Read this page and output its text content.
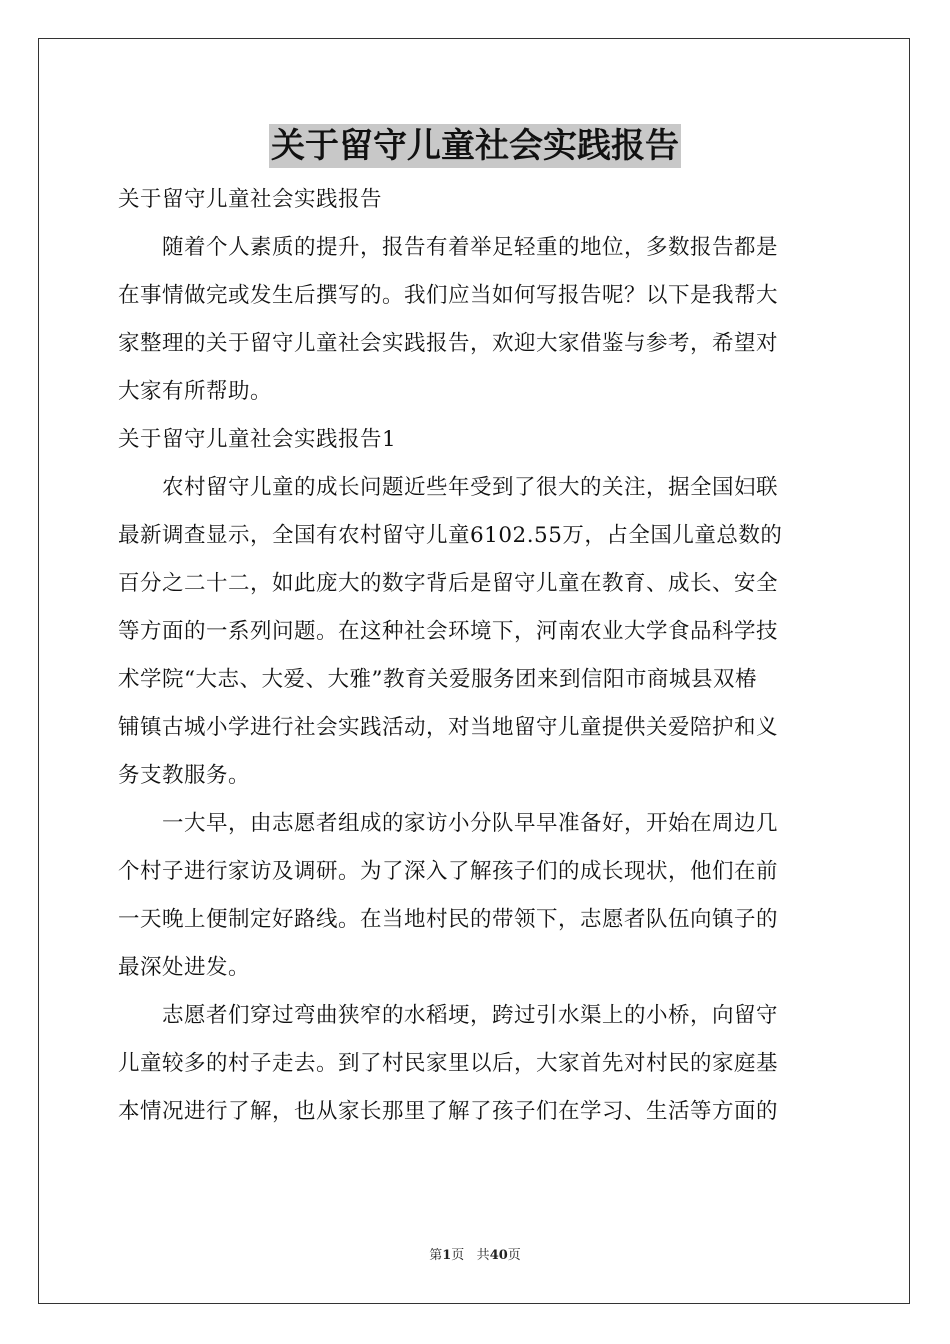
关于留守儿童社会实践报告
关于留守儿童社会实践报告
随着个人素质的提升，报告有着举足轻重的地位，多数报告都是
在事情做完或发生后撰写的。我们应当如何写报告呢？以下是我帮大
家整理的关于留守儿童社会实践报告，欢迎大家借鉴与参考，希望对
大家有所帮助。
关于留守儿童社会实践报告1
农村留守儿童的成长问题近些年受到了很大的关注，据全国妇联
最新调查显示，全国有农村留守儿童6102.55万，占全国儿童总数的
百分之二十二，如此庞大的数字背后是留守儿童在教育、成长、安全
等方面的一系列问题。在这种社会环境下，河南农业大学食品科学技
术学院“大志、大爱、大雅”教育关爱服务团来到信阳市商城县双椿
铺镇古城小学进行社会实践活动，对当地留守儿童提供关爱陪护和义
务支教服务。
一大早，由志愿者组成的家访小分队早早准备好，开始在周边几
个村子进行家访及调研。为了深入了解孩子们的成长现状，他们在前
一天晚上便制定好路线。在当地村民的带领下，志愿者队伍向镇子的
最深处进发。
志愿者们穿过弯曲狭窄的水稻埂，跨过引水渠上的小桥，向留守
儿童较多的村子走去。到了村民家里以后，大家首先对村民的家庭基
本情况进行了解，也从家长那里了解了孩子们在学习、生活等方面的
第1页 共40页
